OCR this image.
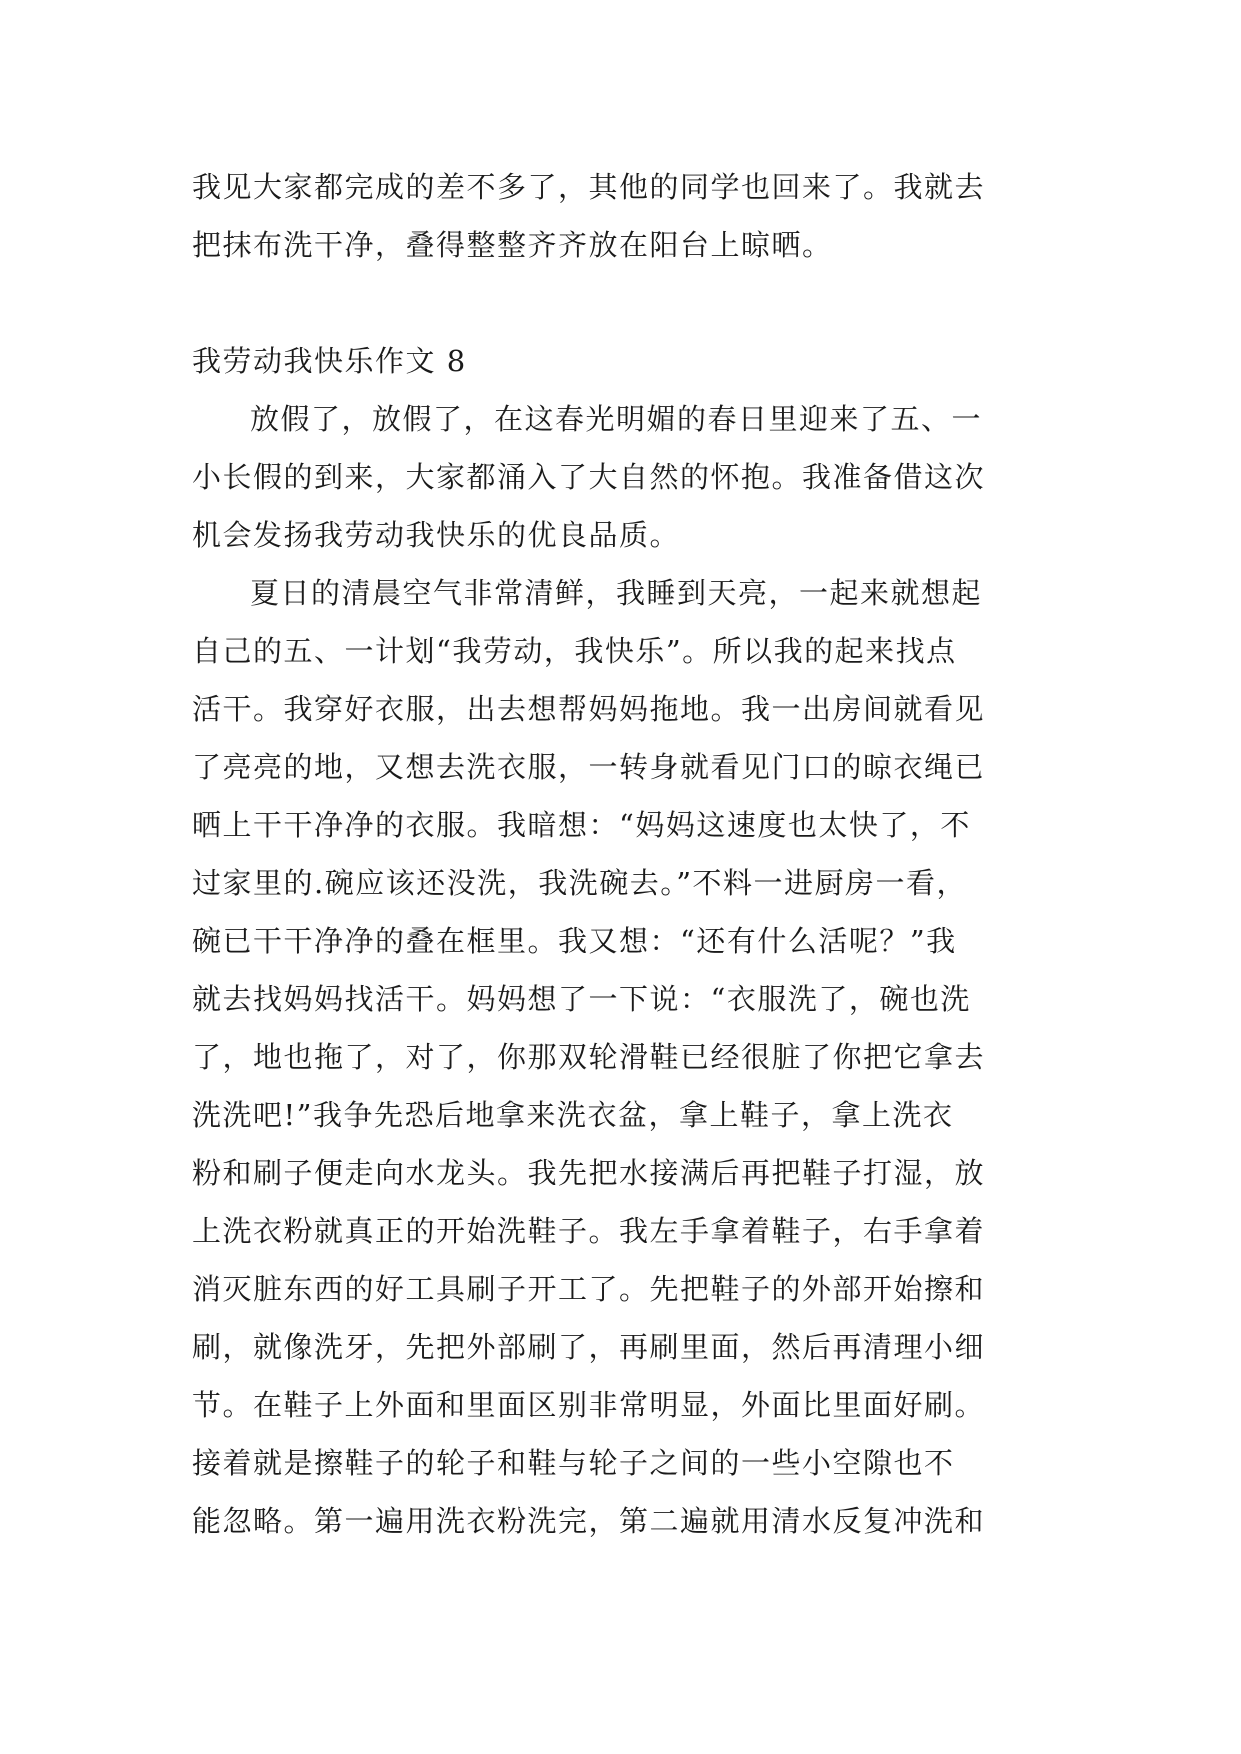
我见大家都完成的差不多了，其他的同学也回来了。我就去
把抹布洗干净，叠得整整齐齐放在阳台上晾晒。
我劳动我快乐作文 8
放假了，放假了，在这春光明媚的春日里迎来了五、一
小长假的到来，大家都涌入了大自然的怀抱。我准备借这次
机会发扬我劳动我快乐的优良品质。
夏日的清晨空气非常清鲜，我睡到天亮，一起来就想起
自己的五、一计划“我劳动，我快乐”。所以我的起来找点
活干。我穿好衣服，出去想帮妈妈拖地。我一出房间就看见
了亮亮的地，又想去洗衣服，一转身就看见门口的晾衣绳已
晒上干干净净的衣服。我暗想：“妈妈这速度也太快了，不
过家里的.碗应该还没洗，我洗碗去。”不料一进厨房一看，
碗已干干净净的叠在框里。我又想：“还有什么活呢？”我
就去找妈妈找活干。妈妈想了一下说：“衣服洗了，碗也洗
了，地也拖了，对了，你那双轮滑鞋已经很脏了你把它拿去
洗洗吧!”我争先恐后地拿来洗衣盆，拿上鞋子，拿上洗衣
粉和刷子便走向水龙头。我先把水接满后再把鞋子打湿，放
上洗衣粉就真正的开始洗鞋子。我左手拿着鞋子，右手拿着
消灭脏东西的好工具刷子开工了。先把鞋子的外部开始擦和
刷，就像洗牙，先把外部刷了，再刷里面，然后再清理小细
节。在鞋子上外面和里面区别非常明显，外面比里面好刷。
接着就是擦鞋子的轮子和鞋与轮子之间的一些小空隙也不
能忽略。第一遍用洗衣粉洗完，第二遍就用清水反复冲洗和
